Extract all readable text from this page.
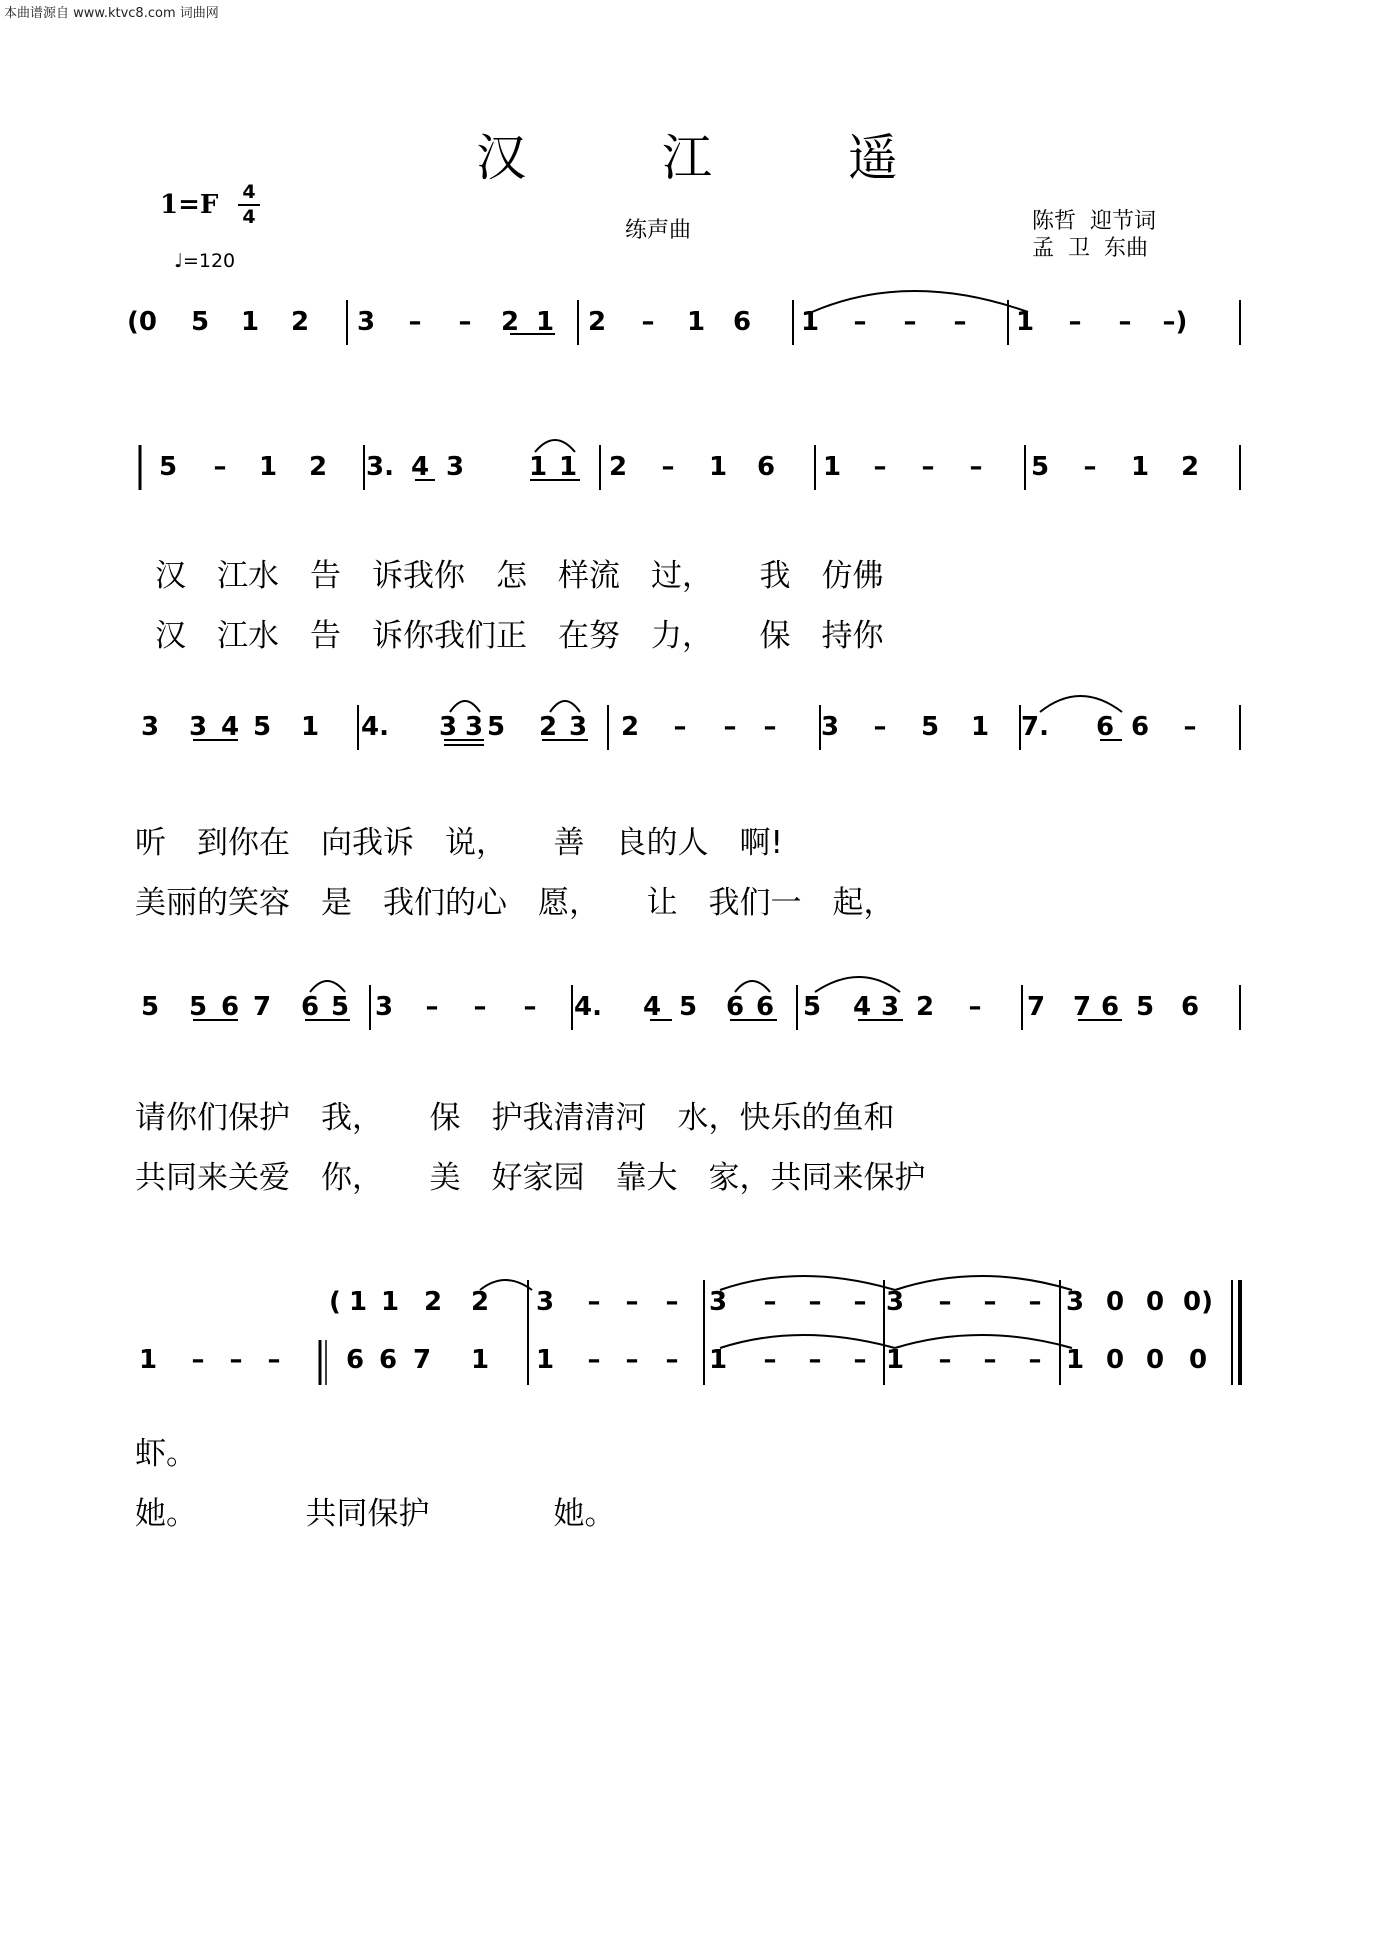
本曲谱源自 www.ktvc8.com 词曲网
汉 江 遥
1=F 4
4
♩=120
练声曲	陈哲  迎节词
孟  卫  东曲
汉　江水　告　诉我你　怎　样流　过，　　我　仿佛
汉　江水　告　诉你我们正　在努　力，　　保　持你
听　到你在　向我诉　说，　　善　良的人　啊!
美丽的笑容　是　我们的心　愿，　　让　我们一　起，
请你们保护　我，　　保　护我清清河　水，快乐的鱼和
共同来关爱　你，　　美　好家园　靠大　家，共同来保护
虾。
她。　　　　共同保护　　　　她。
(0 5 1 2 3 – – 2 1 2 – 1 6 1 – – – 1 – – –)
5 – 1 2 3. 4 3 1 1 2 – 1 6 1 – – – 5 – 1 2
3 3 4 5 1 4. 3 3 5 2 3 2 – – – 3 – 5 1 7. 6 6 –
5 5 6 7 6 5 3 – – – 4. 4 5 6 6 5 4 3 2 – 7 7 6 5 6
( 1 1 2 2 3 – – – 3 – – – 3 – – – 3 0 0 0)
1 – – –	6 6 7 1 1 – – – 1 – – – 1 – – – 1 0 0 0
